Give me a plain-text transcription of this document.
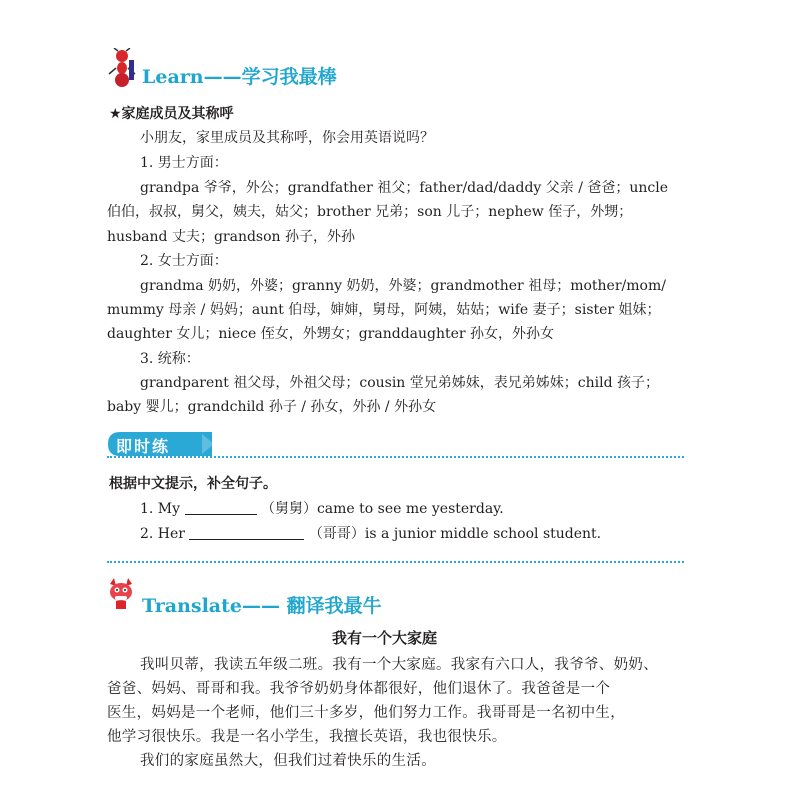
Learn——学习我最棒
★家庭成员及其称呼
小朋友，家里成员及其称呼，你会用英语说吗？
1. 男士方面：
grandpa 爷爷，外公；grandfather 祖父；father/dad/daddy 父亲 / 爸爸；uncle
伯伯，叔叔，舅父，姨夫，姑父；brother 兄弟；son 儿子；nephew 侄子，外甥；
husband 丈夫；grandson 孙子，外孙
2. 女士方面：
grandma 奶奶，外婆；granny 奶奶，外婆；grandmother 祖母；mother/mom/
mummy 母亲 / 妈妈；aunt 伯母，婶婶，舅母，阿姨，姑姑；wife 妻子；sister 姐妹；
daughter 女儿；niece 侄女，外甥女；granddaughter 孙女，外孙女
3. 统称：
grandparent 祖父母，外祖父母；cousin 堂兄弟姊妹，表兄弟姊妹；child 孩子；
baby 婴儿；grandchild 孙子 / 孙女，外孙 / 外孙女
即时练
根据中文提示，补全句子。
1. My	（舅舅）came to see me yesterday.
2. Her	（哥哥）is a junior middle school student.
Translate—— 翻译我最牛
我有一个大家庭
我叫贝蒂，我读五年级二班。我有一个大家庭。我家有六口人，我爷爷、奶奶、
爸爸、妈妈、哥哥和我。我爷爷奶奶身体都很好，他们退休了。我爸爸是一个
医生，妈妈是一个老师，他们三十多岁，他们努力工作。我哥哥是一名初中生，
他学习很快乐。我是一名小学生，我擅长英语，我也很快乐。
我们的家庭虽然大，但我们过着快乐的生活。
